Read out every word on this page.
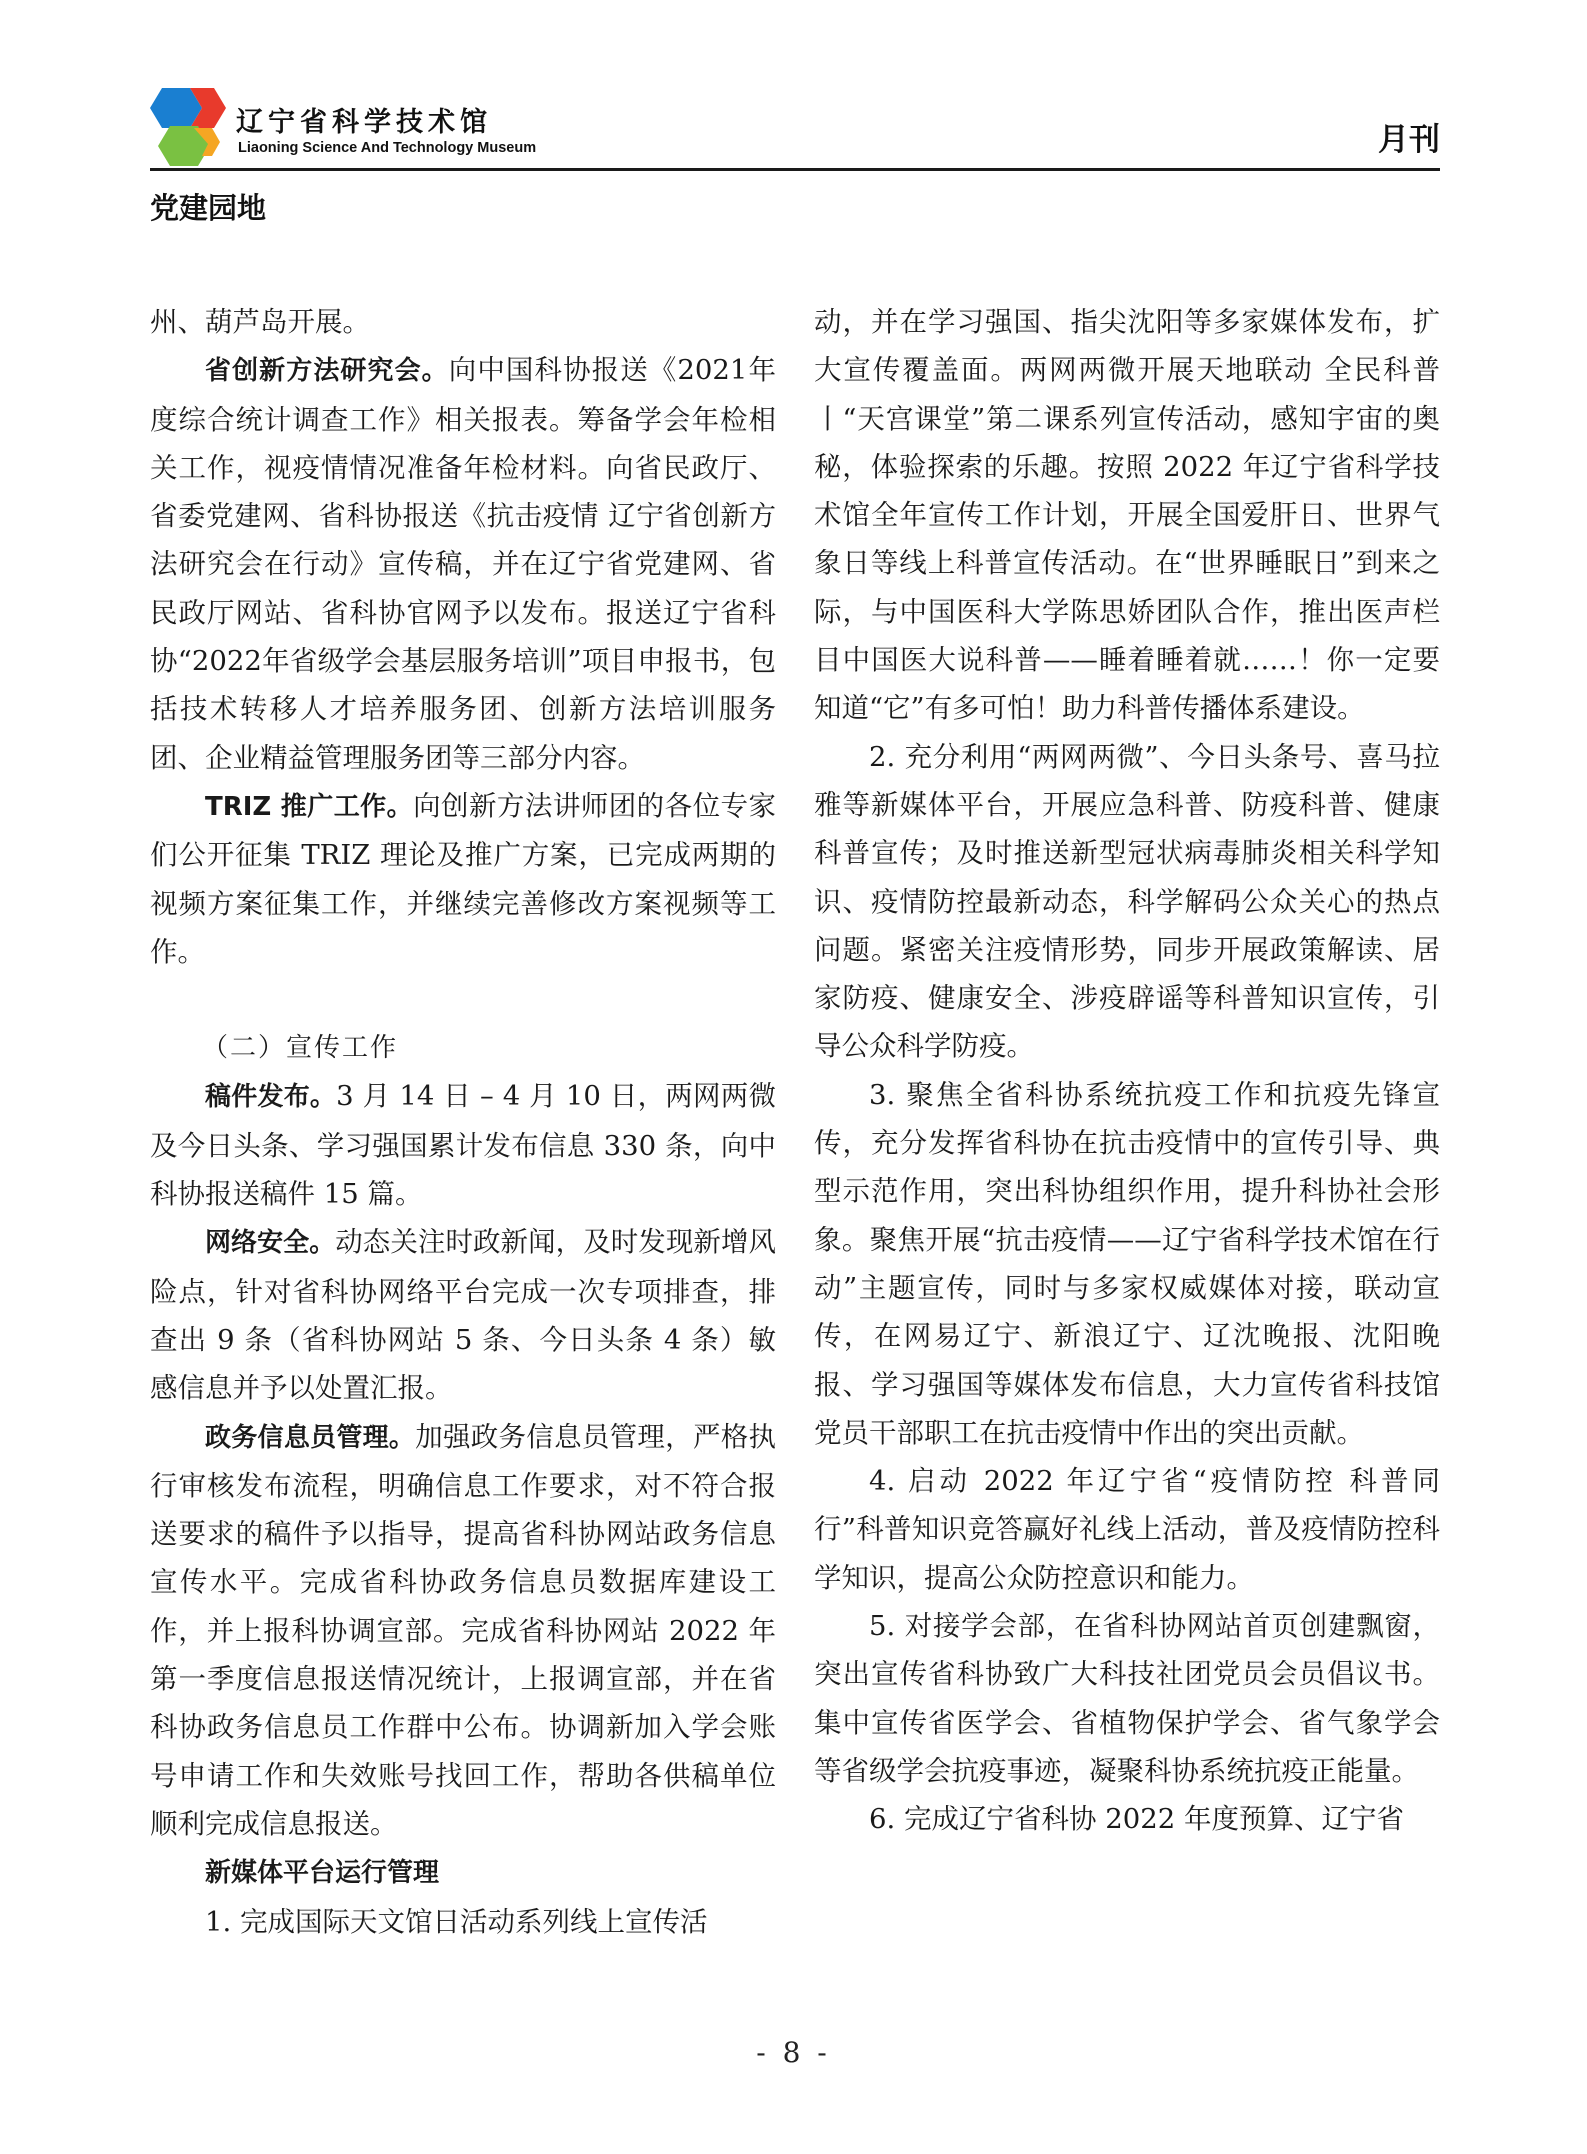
辽宁省科学技术馆
Liaoning Science And Technology Museum	月刊
党建园地

州、葫芦岛开展。

省创新方法研究会。向中国科协报送《2021年度综合统计调查工作》相关报表。筹备学会年检相关工作，视疫情情况准备年检材料。向省民政厅、省委党建网、省科协报送《抗击疫情 辽宁省创新方法研究会在行动》宣传稿，并在辽宁省党建网、省民政厅网站、省科协官网予以发布。报送辽宁省科协“2022年省级学会基层服务培训”项目申报书，包括技术转移人才培养服务团、创新方法培训服务团、企业精益管理服务团等三部分内容。

TRIZ 推广工作。向创新方法讲师团的各位专家们公开征集 TRIZ 理论及推广方案，已完成两期的视频方案征集工作，并继续完善修改方案视频等工作。

（二）宣传工作

稿件发布。3 月 14 日 – 4 月 10 日，两网两微及今日头条、学习强国累计发布信息 330 条，向中科协报送稿件 15 篇。

网络安全。动态关注时政新闻，及时发现新增风险点，针对省科协网络平台完成一次专项排查，排查出 9 条（省科协网站 5 条、今日头条 4 条）敏感信息并予以处置汇报。

政务信息员管理。加强政务信息员管理，严格执行审核发布流程，明确信息工作要求，对不符合报送要求的稿件予以指导，提高省科协网站政务信息宣传水平。完成省科协政务信息员数据库建设工作，并上报科协调宣部。完成省科协网站 2022 年第一季度信息报送情况统计，上报调宣部，并在省科协政务信息员工作群中公布。协调新加入学会账号申请工作和失效账号找回工作，帮助各供稿单位顺利完成信息报送。

新媒体平台运行管理

1. 完成国际天文馆日活动系列线上宣传活

动，并在学习强国、指尖沈阳等多家媒体发布，扩大宣传覆盖面。两网两微开展天地联动 全民科普丨“天宫课堂”第二课系列宣传活动，感知宇宙的奥秘，体验探索的乐趣。按照 2022 年辽宁省科学技术馆全年宣传工作计划，开展全国爱肝日、世界气象日等线上科普宣传活动。在“世界睡眠日”到来之际，与中国医科大学陈思娇团队合作，推出医声栏目中国医大说科普——睡着睡着就……！你一定要知道“它”有多可怕！助力科普传播体系建设。

2. 充分利用“两网两微”、今日头条号、喜马拉雅等新媒体平台，开展应急科普、防疫科普、健康科普宣传；及时推送新型冠状病毒肺炎相关科学知识、疫情防控最新动态，科学解码公众关心的热点问题。紧密关注疫情形势，同步开展政策解读、居家防疫、健康安全、涉疫辟谣等科普知识宣传，引导公众科学防疫。

3. 聚焦全省科协系统抗疫工作和抗疫先锋宣传，充分发挥省科协在抗击疫情中的宣传引导、典型示范作用，突出科协组织作用，提升科协社会形象。聚焦开展“抗击疫情——辽宁省科学技术馆在行动”主题宣传，同时与多家权威媒体对接，联动宣传，在网易辽宁、新浪辽宁、辽沈晚报、沈阳晚报、学习强国等媒体发布信息，大力宣传省科技馆党员干部职工在抗击疫情中作出的突出贡献。

4. 启动 2022 年辽宁省“疫情防控 科普同行”科普知识竞答赢好礼线上活动，普及疫情防控科学知识，提高公众防控意识和能力。

5. 对接学会部，在省科协网站首页创建飘窗，突出宣传省科协致广大科技社团党员会员倡议书。集中宣传省医学会、省植物保护学会、省气象学会等省级学会抗疫事迹，凝聚科协系统抗疫正能量。

6. 完成辽宁省科协 2022 年度预算、辽宁省

- 8 -
